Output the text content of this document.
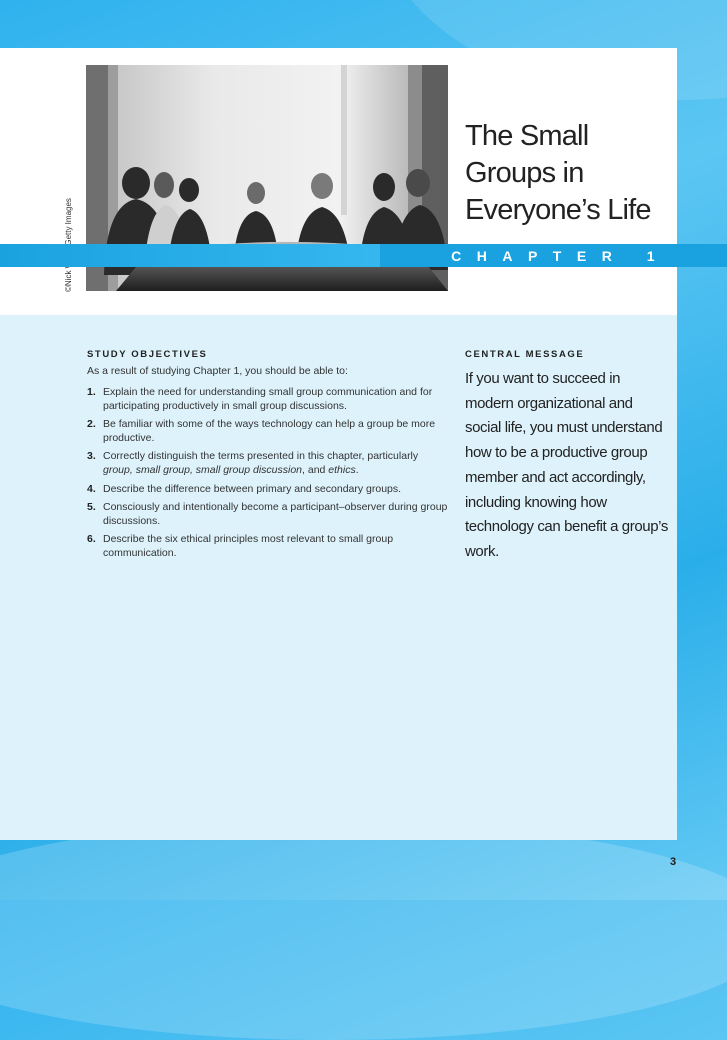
The Small
Groups in
Everyone’s Life
STUDY OBJECTIVES
As a result of studying Chapter 1, you should be able to:
1. Explain the need for understanding small group communication and for participating productively in small group discussions.
2. Be familiar with some of the ways technology can help a group be more productive.
3. Correctly distinguish the terms presented in this chapter, particularly group, small group, small group discussion, and ethics.
4. Describe the difference between primary and secondary groups.
5. Consciously and intentionally become a participant–observer during group discussions.
6. Describe the six ethical principles most relevant to small group communication.
CENTRAL MESSAGE
If you want to succeed in modern organizational and social life, you must understand how to be a productive group member and act accordingly, including knowing how technology can benefit a group’s work.
CHAPTER 1
3
